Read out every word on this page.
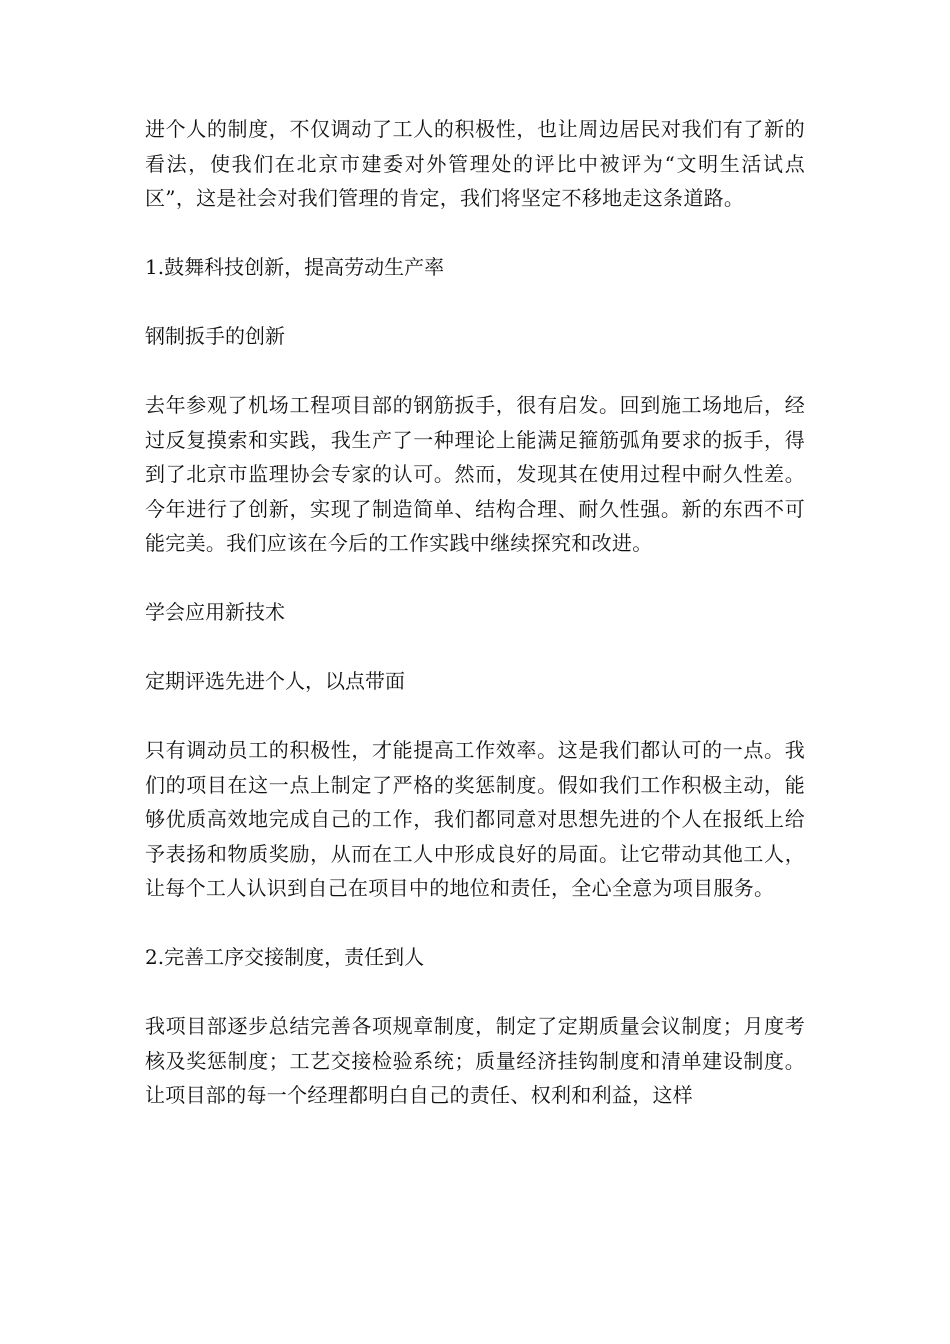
进个人的制度，不仅调动了工人的积极性，也让周边居民对我们有了新的看法，使我们在北京市建委对外管理处的评比中被评为“文明生活试点区”，这是社会对我们管理的肯定，我们将坚定不移地走这条道路。

1.鼓舞科技创新，提高劳动生产率

钢制扳手的创新

去年参观了机场工程项目部的钢筋扳手，很有启发。回到施工场地后，经过反复摸索和实践，我生产了一种理论上能满足箍筋弧角要求的扳手，得到了北京市监理协会专家的认可。然而，发现其在使用过程中耐久性差。今年进行了创新，实现了制造简单、结构合理、耐久性强。新的东西不可能完美。我们应该在今后的工作实践中继续探究和改进。

学会应用新技术

定期评选先进个人，以点带面

只有调动员工的积极性，才能提高工作效率。这是我们都认可的一点。我们的项目在这一点上制定了严格的奖惩制度。假如我们工作积极主动，能够优质高效地完成自己的工作，我们都同意对思想先进的个人在报纸上给予表扬和物质奖励，从而在工人中形成良好的局面。让它带动其他工人，让每个工人认识到自己在项目中的地位和责任，全心全意为项目服务。

2.完善工序交接制度，责任到人

我项目部逐步总结完善各项规章制度，制定了定期质量会议制度；月度考核及奖惩制度；工艺交接检验系统；质量经济挂钩制度和清单建设制度。让项目部的每一个经理都明白自己的责任、权利和利益，这样
